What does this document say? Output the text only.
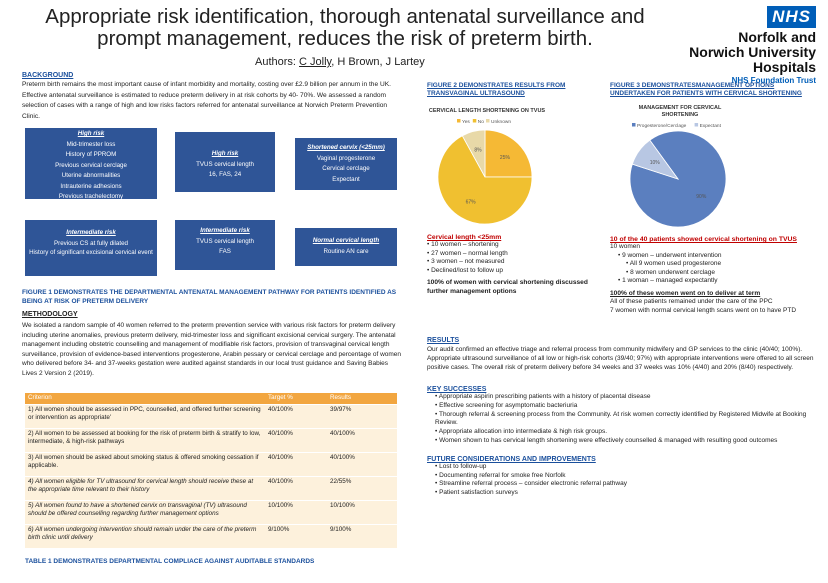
Appropriate risk identification, thorough antenatal surveillance and prompt management, reduces the risk of preterm birth.
Authors: C Jolly, H Brown, J Lartey
NHS
Norfolk and Norwich University Hospitals
NHS Foundation Trust
BACKGROUND
Preterm birth remains the most important cause of infant morbidity and mortality, costing over £2.9 billion per annum in the UK. Effective antenatal surveillance is estimated to reduce preterm delivery in at risk cohorts by 40- 70%. We assessed a random selection of cases with a range of high and low risks factors referred for antenatal surveillance at Norwich Preterm Prevention Clinic.
High risk
Mid-trimester loss
History of PPROM
Previous cervical cerclage
Uterine abnormalities
Intrauterine adhesions
Previous trachelectomy
High risk
TVUS cervical length
16, FAS, 24
Shortened cervix (<25mm)
Vaginal progesterone
Cervical cerclage
Expectant
Intermediate risk
Previous CS at fully dilated
History of significant excisional cervical event
Intermediate risk
TVUS cervical length
FAS
Normal cervical length
Routine AN care
FIGURE 1 DEMONSTRATES THE DEPARTMENTAL ANTENATAL MANAGEMENT PATHWAY FOR PATIENTS IDENTIFIED AS BEING AT RISK OF PRETERM DELIVERY
METHODOLOGY
We isolated a random sample of 40 women referred to the preterm prevention service with various risk factors for preterm delivery including uterine anomalies, previous preterm delivery, mid-trimester loss and significant excisional cervical surgery. The antenatal management including obstetric counselling and management of modifiable risk factors, provision of transvaginal cervical length surveillance, provision of evidence-based interventions progesterone, Arabin pessary or cervical cerclage and percentage of women who delivered before 34- and 37-weeks gestation were audited against standards in our local trust guidance and Saving Babies Lives 2 Version 2 (2019).
Criterion	Target %	Results
1) All women should be assessed in PPC, counselled, and offered further screening or intervention as appropriate'	40/100%	39/97%
2) All women to be assessed at booking for the risk of preterm birth & stratify to low, intermediate, & high-risk pathways	40/100%	40/100%
3) All women should be asked about smoking status & offered smoking cessation if applicable.	40/100%	40/100%
4) All women eligible for TV ultrasound for cervical length should receive these at the appropriate time relevant to their history	40/100%	22/55%
5) All women found to have a shortened cervix on transvaginal (TV) ultrasound should be offered counselling regarding further management options	10/100%	10/100%
6) All women undergoing intervention should remain under the care of the preterm birth clinic until delivery	9/100%	9/100%
TABLE 1 DEMONSTRATES DEPARTMENTAL COMPLIACE AGAINST AUDITABLE STANDARDS
FIGURE 2 DEMONSTRATES RESULTS FROM TRANSVAGINAL ULTRASOUND
CERVICAL LENGTH SHORTENING ON TVUS
Yes No Unknown
25%
67%
8%
Cervical length <25mm
• 10 women – shortening
• 27 women – normal length
• 3 women – not measured
• Declined/lost to follow up
100% of women with cervical shortening discussed further management options
FIGURE 3 DEMONSTRATESMANAGEMENT OPTIONS UNDERTAKEN FOR PATIENTS WITH CERVICAL SHORTENING
MANAGEMENT FOR CERVICAL SHORTENING
Progesterone/Cerclage	Expectant
90%
10%
10 of the 40 patients showed cervical shortening on TVUS
10 women
• 9 women – underwent intervention
• All 9 women used progesterone
• 8 women underwent cerclage
• 1 woman – managed expectantly
100% of these women went on to deliver at term
All of these patients remained under the care of the PPC
7 women with normal cervical length scans went on to have PTD
RESULTS
Our audit confirmed an effective triage and referral process from community midwifery and GP services to the clinic (40/40; 100%). Appropriate ultrasound surveillance of all low or high-risk cohorts (39/40; 97%) with appropriate interventions were offered to all screen positive cases. The overall risk of preterm delivery before 34 weeks and 37 weeks was 10% (4/40) and 20% (8/40) respectively.
KEY SUCCESSES
• Appropriate aspirin prescribing patients with a history of placental disease
• Effective screening for asymptomatic bacteriuria
• Thorough referral & screening process from the Community. At risk women correctly identified by Registered Midwife at Booking Review.
• Appropriate allocation into intermediate & high risk groups.
• Women shown to has cervical length shortening were effectively counselled & managed with resulting good outcomes
FUTURE CONSIDERATIONS AND IMPROVEMENTS
• Lost to follow-up
• Documenting referral for smoke free Norfolk
• Streamline referral process – consider electronic referral pathway
• Patient satisfaction surveys
